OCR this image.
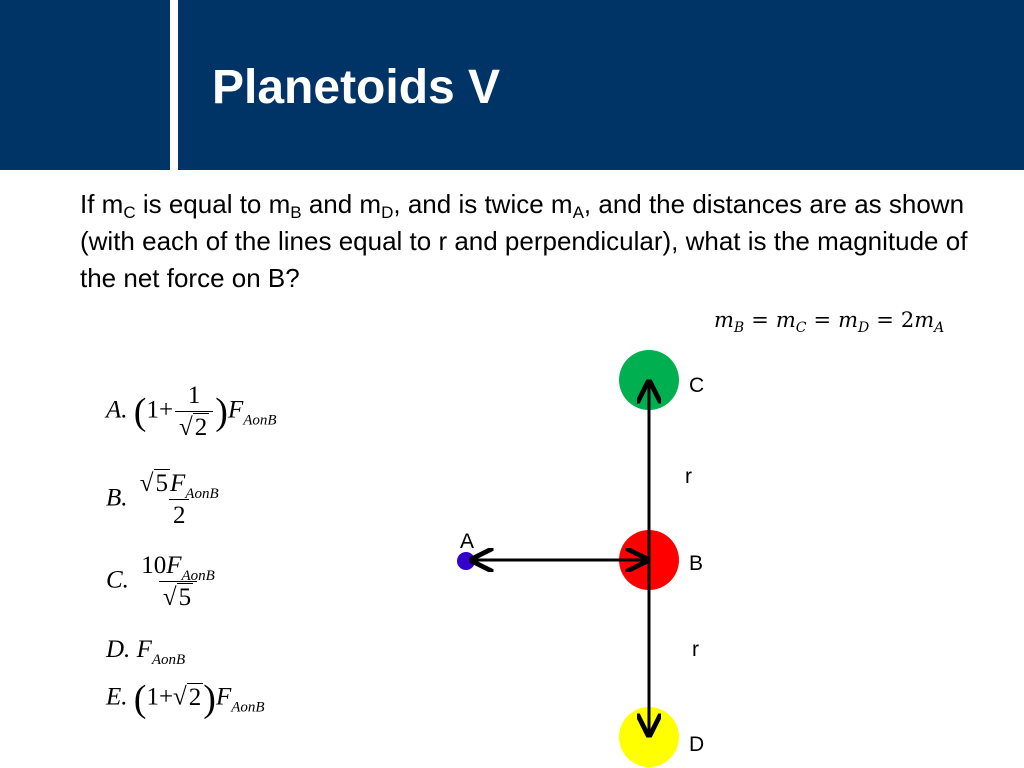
Planetoids V

If $m_C$ is equal to $m_B$ and $m_D$, and is twice $m_A$, and the distances are as shown (with each of the lines equal to r and perpendicular), what is the magnitude of the net force on B?

$m_B = m_C = m_D = 2m_A$
A. $(1+ \frac{1}{√2} )F_{AonB}$
B. $\frac{√5F_{AonB}}{2}$
C. $\frac{10F_{AonB}}{√5}$
D. $F_{AonB}$
E. $(1+√2)F_{AonB}$
C
r
A
B
r
D
